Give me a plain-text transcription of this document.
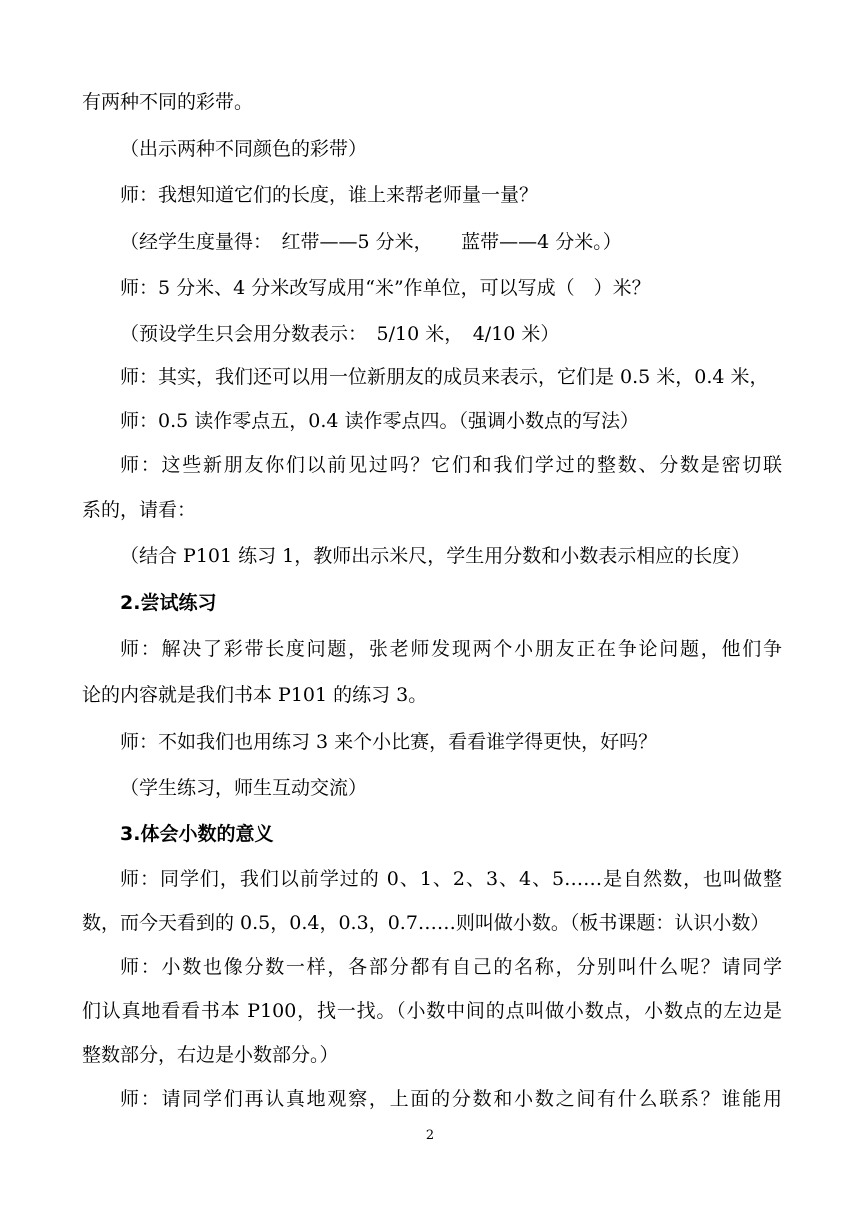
有两种不同的彩带。
（出示两种不同颜色的彩带）
师：我想知道它们的长度，谁上来帮老师量一量？
（经学生度量得：　红带——5 分米，　　蓝带——4 分米。）
师：5 分米、4 分米改写成用“米”作单位，可以写成（　）米？
（预设学生只会用分数表示：　5/10 米，　4/10 米）
师：其实，我们还可以用一位新朋友的成员来表示，它们是 0.5 米，0.4 米，
师：0.5 读作零点五，0.4 读作零点四。（强调小数点的写法）
师：这些新朋友你们以前见过吗？它们和我们学过的整数、分数是密切联
系的，请看：
（结合 P101 练习 1，教师出示米尺，学生用分数和小数表示相应的长度）
2.尝试练习
师：解决了彩带长度问题，张老师发现两个小朋友正在争论问题，他们争
论的内容就是我们书本 P101 的练习 3。
师：不如我们也用练习 3 来个小比赛，看看谁学得更快，好吗？
（学生练习，师生互动交流）
3.体会小数的意义
师：同学们，我们以前学过的 0、1、2、3、4、5……是自然数，也叫做整
数，而今天看到的 0.5，0.4，0.3，0.7……则叫做小数。（板书课题：认识小数）
师：小数也像分数一样，各部分都有自己的名称，分别叫什么呢？请同学
们认真地看看书本 P100，找一找。（小数中间的点叫做小数点，小数点的左边是
整数部分，右边是小数部分。）
师：请同学们再认真地观察，上面的分数和小数之间有什么联系？谁能用
2
